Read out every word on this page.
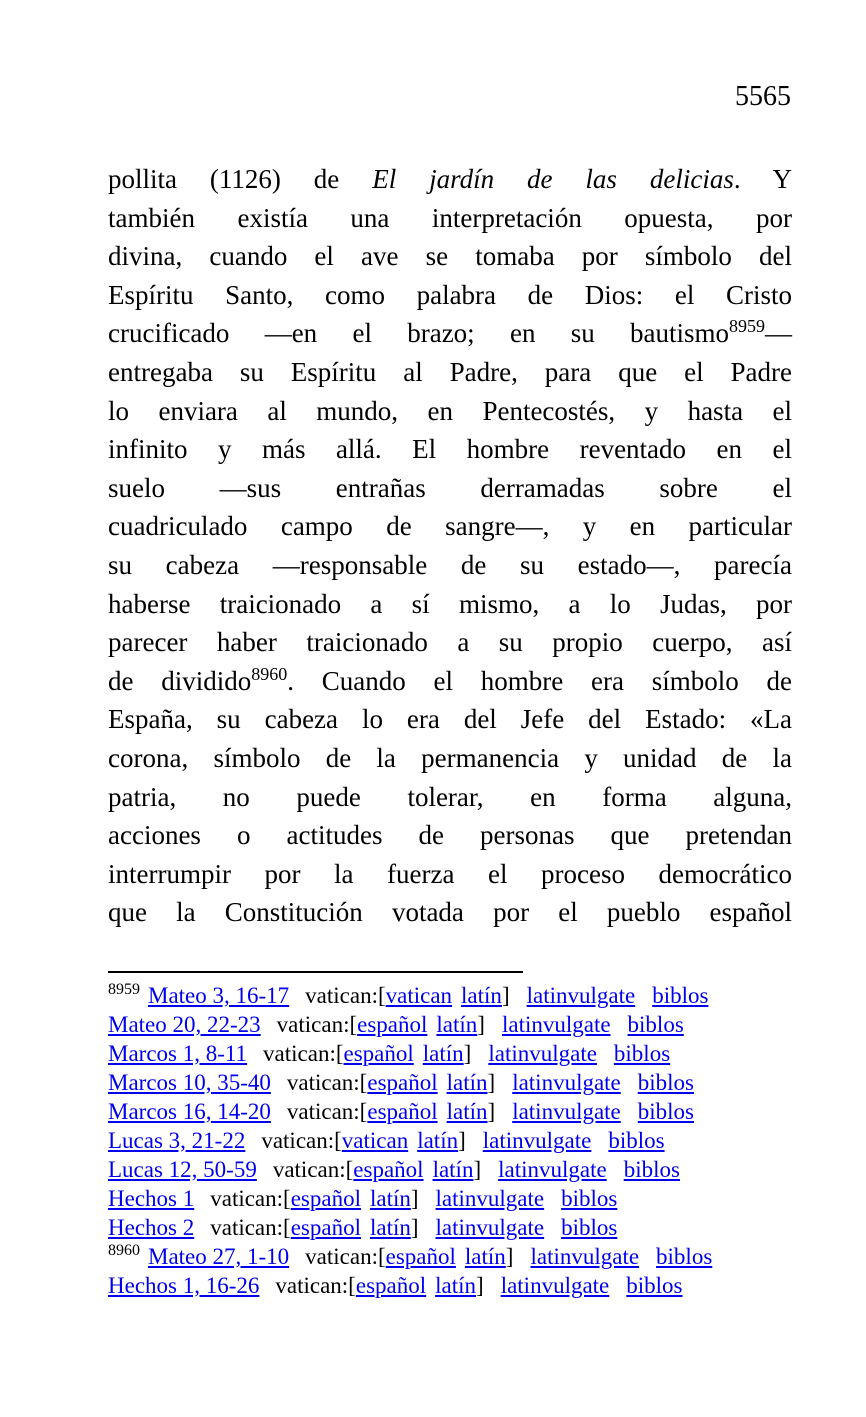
5565
pollita (1126) de El jardín de las delicias. Y
también existía una interpretación opuesta, por
divina, cuando el ave se tomaba por símbolo del
Espíritu Santo, como palabra de Dios: el Cristo
crucificado —en el brazo; en su bautismo$^{8959}$—
entregaba su Espíritu al Padre, para que el Padre
lo enviara al mundo, en Pentecostés, y hasta el
infinito y más allá. El hombre reventado en el
suelo —sus entrañas derramadas sobre el
cuadriculado campo de sangre—, y en particular
su cabeza —responsable de su estado—, parecía
haberse traicionado a sí mismo, a lo Judas, por
parecer haber traicionado a su propio cuerpo, así
de dividido$^{8960}$. Cuando el hombre era símbolo de
España, su cabeza lo era del Jefe del Estado: «La
corona, símbolo de la permanencia y unidad de la
patria, no puede tolerar, en forma alguna,
acciones o actitudes de personas que pretendan
interrumpir por la fuerza el proceso democrático
que la Constitución votada por el pueblo español
$^{8959}$ Mateo 3, 16-17 vatican:[vatican latín] latinvulgate biblos
Mateo 20, 22-23 vatican:[español latín] latinvulgate biblos
Marcos 1, 8-11 vatican:[español latín] latinvulgate biblos
Marcos 10, 35-40 vatican:[español latín] latinvulgate biblos
Marcos 16, 14-20 vatican:[español latín] latinvulgate biblos
Lucas 3, 21-22 vatican:[vatican latín] latinvulgate biblos
Lucas 12, 50-59 vatican:[español latín] latinvulgate biblos
Hechos 1 vatican:[español latín] latinvulgate biblos
Hechos 2 vatican:[español latín] latinvulgate biblos
$^{8960}$ Mateo 27, 1-10 vatican:[español latín] latinvulgate biblos
Hechos 1, 16-26 vatican:[español latín] latinvulgate biblos
